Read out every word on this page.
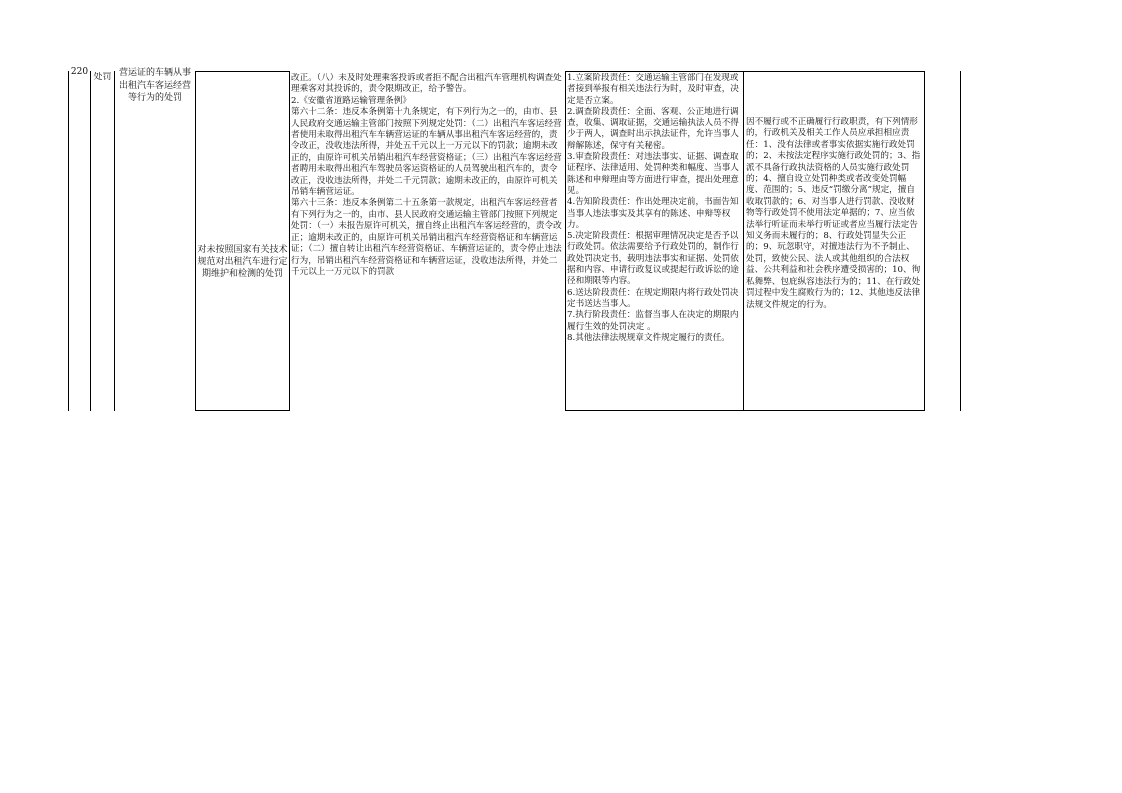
220 处罚 营运证的车辆从事出租汽车客运经营等行为的处罚
对未按照国家有关技术规范对出租汽车进行定期维护和检测的处罚

改正。（八）未及时处理乘客投诉或者拒不配合出租汽车管理机构调查处理乘客对其投诉的，责令限期改正，给予警告。

2.《安徽省道路运输管理条例》

第六十二条：违反本条例第十九条规定，有下列行为之一的，由市、县人民政府交通运输主管部门按照下列规定处罚：（二）出租汽车客运经营者使用未取得出租汽车车辆营运证的车辆从事出租汽车客运经营的，责令改正，没收违法所得，并处五千元以上一万元以下的罚款；逾期未改正的，由原许可机关吊销出租汽车经营资格证；（三）出租汽车客运经营者聘用未取得出租汽车驾驶员客运资格证的人员驾驶出租汽车的，责令改正，没收违法所得，并处二千元罚款；逾期未改正的，由原许可机关吊销车辆营运证。

第六十三条：违反本条例第二十五条第一款规定，出租汽车客运经营者有下列行为之一的，由市、县人民政府交通运输主管部门按照下列规定处罚：（一）未报告原许可机关，擅自终止出租汽车客运经营的，责令改正；逾期未改正的，由原许可机关吊销出租汽车经营资格证和车辆营运证；（二）擅自转让出租汽车经营资格证、车辆营运证的，责令停止违法行为，吊销出租汽车经营资格证和车辆营运证，没收违法所得，并处二千元以上一万元以下的罚款

1.立案阶段责任：交通运输主管部门在发现或者接到举报有相关违法行为时，及时审查，决定是否立案。

2.调查阶段责任：全面、客观、公正地进行调查，收集、调取证据，交通运输执法人员不得少于两人，调查时出示执法证件，允许当事人辩解陈述，保守有关秘密。

3.审查阶段责任：对违法事实、证据、调查取证程序、法律适用、处罚种类和幅度、当事人陈述和申辩理由等方面进行审查，提出处理意见。

4.告知阶段责任：作出处理决定前，书面告知当事人违法事实及其享有的陈述、申辩等权力。

5.决定阶段责任：根据审理情况决定是否予以行政处罚。依法需要给予行政处罚的，制作行政处罚决定书，载明违法事实和证据、处罚依据和内容、申请行政复议或提起行政诉讼的途径和期限等内容。

6.送达阶段责任：在规定期限内将行政处罚决定书送达当事人。

7.执行阶段责任：监督当事人在决定的期限内履行生效的处罚决定 。

8.其他法律法规规章文件规定履行的责任。

因不履行或不正确履行行政职责，有下列情形的，行政机关及相关工作人员应承担相应责任：1、没有法律或者事实依据实施行政处罚的；2、未按法定程序实施行政处罚的；3、指派不具备行政执法资格的人员实施行政处罚的；4、擅自设立处罚种类或者改变处罚幅度、范围的；5、违反“罚缴分离”规定，擅自收取罚款的；6、对当事人进行罚款、没收财物等行政处罚不使用法定单据的；7、应当依法举行听证而未举行听证或者应当履行法定告知义务而未履行的；8、行政处罚显失公正的；9、玩忽职守，对擅违法行为不予制止、处罚，致使公民、法人或其他组织的合法权益、公共利益和社会秩序遭受损害的；10、徇私舞弊、包庇纵容违法行为的；11、在行政处罚过程中发生腐败行为的；12、其他违反法律法规文件规定的行为。
